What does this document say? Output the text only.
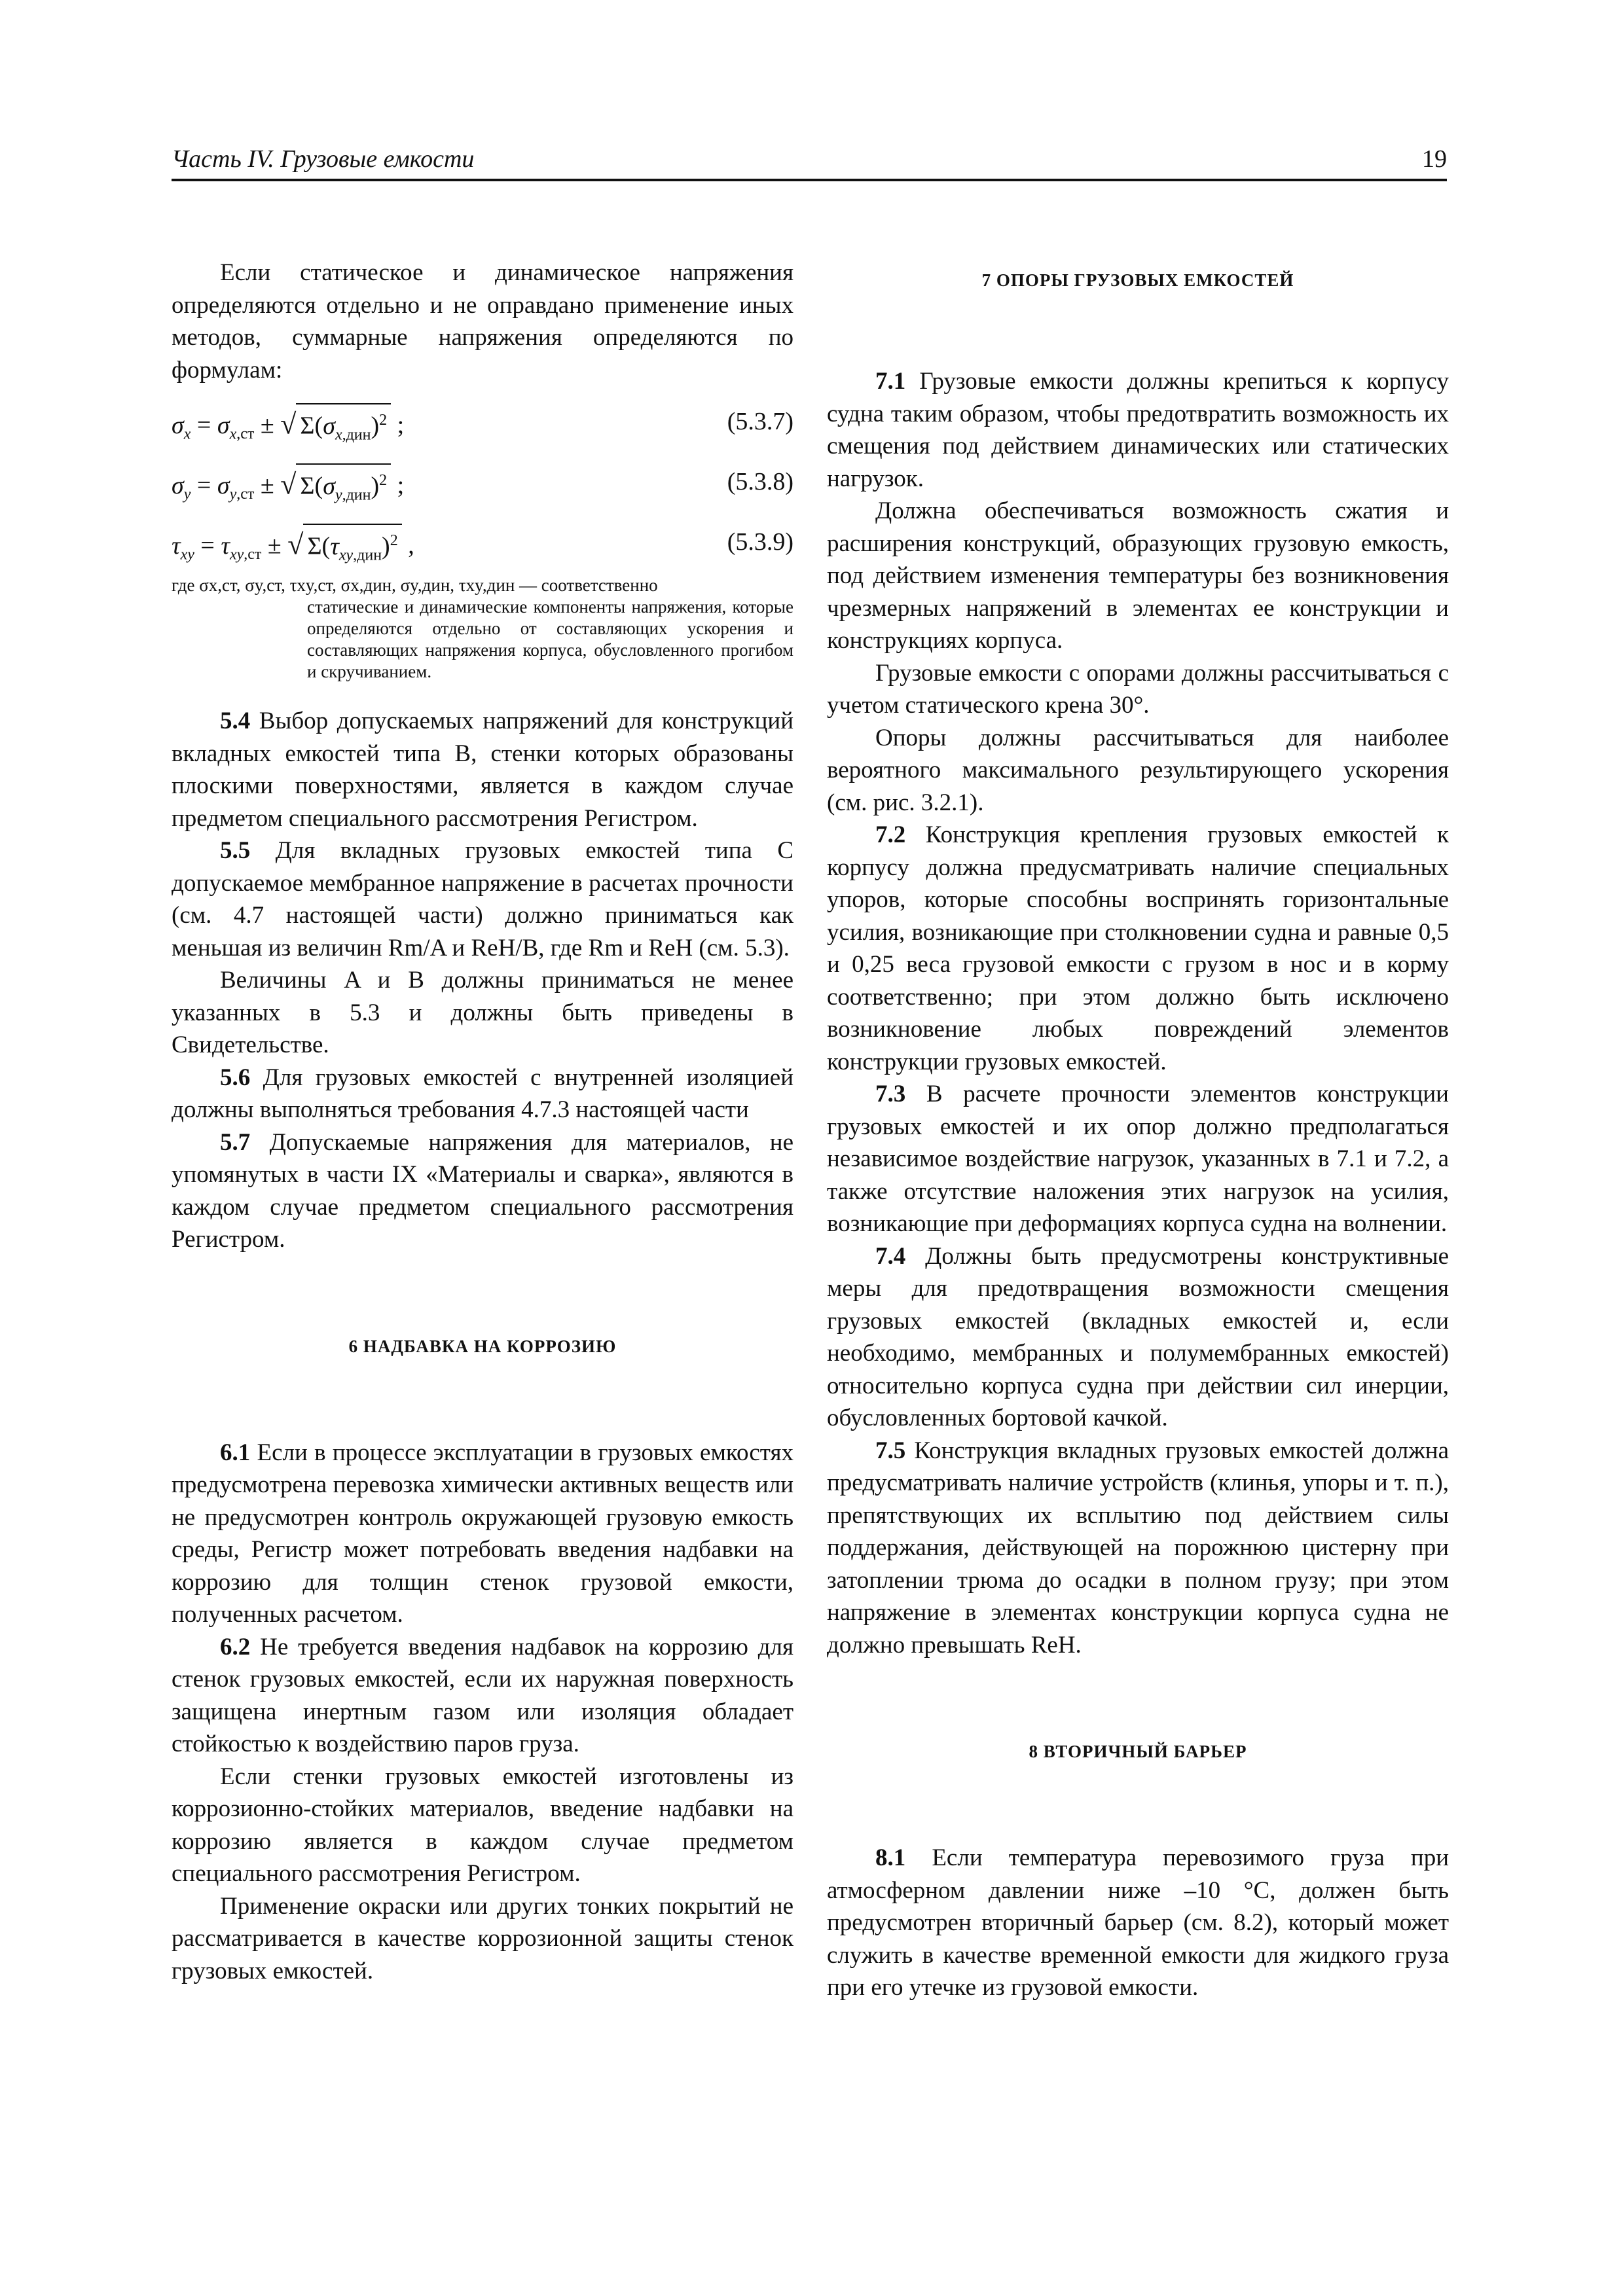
Часть IV. Грузовые емкости	19

Если статическое и динамическое напряжения определяются отдельно и не оправдано применение иных методов, суммарные напряжения определяются по формулам:

$\sigma_x = \sigma_{x,ст}$ ± √ $\Sigma(\sigma_{x,дин})^2$ ;	(5.3.7)
$\sigma_y = \sigma_{y,ст}$ ± √ $\Sigma(\sigma_{y,дин})^2$ ;	(5.3.8)
$\tau_{xy} = \tau_{xy,ст}$ ± √ $\Sigma(\tau_{xy,дин})^2$ ,	(5.3.9)
где σx,ст, σy,ст, τxy,ст, σx,дин, σy,дин, τxy,дин — соответственно
статические и динамические компоненты напряжения, которые определяются отдельно от составляющих ускорения и составляющих напряжения корпуса, обусловленного прогибом и скручиванием.

5.4 Выбор допускаемых напряжений для конструкций вкладных емкостей типа B, стенки которых образованы плоскими поверхностями, является в каждом случае предметом специального рассмотрения Регистром.

5.5 Для вкладных грузовых емкостей типа C допускаемое мембранное напряжение в расчетах прочности (см. 4.7 настоящей части) должно приниматься как меньшая из величин Rm/A и ReH/B, где Rm и ReH (см. 5.3).

Величины A и B должны приниматься не менее указанных в 5.3 и должны быть приведены в Свидетельстве.

5.6 Для грузовых емкостей с внутренней изоляцией должны выполняться требования 4.7.3 настоящей части

5.7 Допускаемые напряжения для материалов, не упомянутых в части IX «Материалы и сварка», являются в каждом случае предметом специального рассмотрения Регистром.

6 НАДБАВКА НА КОРРОЗИЮ

6.1 Если в процессе эксплуатации в грузовых емкостях предусмотрена перевозка химически активных веществ или не предусмотрен контроль окружающей грузовую емкость среды, Регистр может потребовать введения надбавки на коррозию для толщин стенок грузовой емкости, полученных расчетом.

6.2 Не требуется введения надбавок на коррозию для стенок грузовых емкостей, если их наружная поверхность защищена инертным газом или изоляция обладает стойкостью к воздействию паров груза.

Если стенки грузовых емкостей изготовлены из коррозионно-стойких материалов, введение надбавки на коррозию является в каждом случае предметом специального рассмотрения Регистром.

Применение окраски или других тонких покрытий не рассматривается в качестве коррозионной защиты стенок грузовых емкостей.

7 ОПОРЫ ГРУЗОВЫХ ЕМКОСТЕЙ

7.1 Грузовые емкости должны крепиться к корпусу судна таким образом, чтобы предотвратить возможность их смещения под действием динамических или статических нагрузок.

Должна обеспечиваться возможность сжатия и расширения конструкций, образующих грузовую емкость, под действием изменения температуры без возникновения чрезмерных напряжений в элементах ее конструкции и конструкциях корпуса.

Грузовые емкости с опорами должны рассчитываться с учетом статического крена 30°.

Опоры должны рассчитываться для наиболее вероятного максимального результирующего ускорения (см. рис. 3.2.1).

7.2 Конструкция крепления грузовых емкостей к корпусу должна предусматривать наличие специальных упоров, которые способны воспринять горизонтальные усилия, возникающие при столкновении судна и равные 0,5 и 0,25 веса грузовой емкости с грузом в нос и в корму соответственно; при этом должно быть исключено возникновение любых повреждений элементов конструкции грузовых емкостей.

7.3 В расчете прочности элементов конструкции грузовых емкостей и их опор должно предполагаться независимое воздействие нагрузок, указанных в 7.1 и 7.2, а также отсутствие наложения этих нагрузок на усилия, возникающие при деформациях корпуса судна на волнении.

7.4 Должны быть предусмотрены конструктивные меры для предотвращения возможности смещения грузовых емкостей (вкладных емкостей и, если необходимо, мембранных и полумембранных емкостей) относительно корпуса судна при действии сил инерции, обусловленных бортовой качкой.

7.5 Конструкция вкладных грузовых емкостей должна предусматривать наличие устройств (клинья, упоры и т. п.), препятствующих их всплытию под действием силы поддержания, действующей на порожнюю цистерну при затоплении трюма до осадки в полном грузу; при этом напряжение в элементах конструкции корпуса судна не должно превышать ReH.

8 ВТОРИЧНЫЙ БАРЬЕР

8.1 Если температура перевозимого груза при атмосферном давлении ниже –10 °C, должен быть предусмотрен вторичный барьер (см. 8.2), который может служить в качестве временной емкости для жидкого груза при его утечке из грузовой емкости.
